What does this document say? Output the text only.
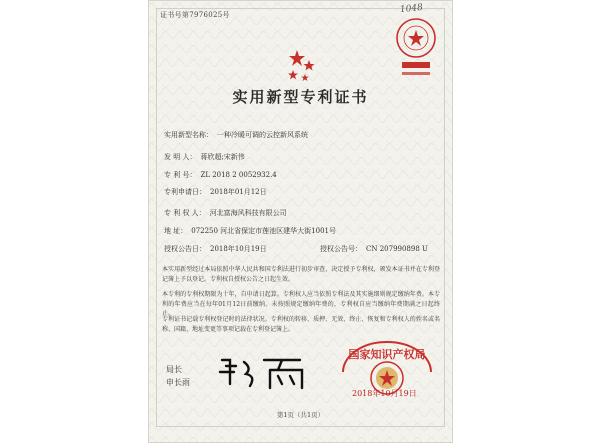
证书号第7976025号	1048
实用新型专利证书
实用新型名称： 一种冷暖可调的云控新风系统
发 明 人： 蒋欣超;宋新伟
专 利 号： ZL 2018 2 0052932.4
专利申请日： 2018年01月12日
专 利 权 人： 河北富海风科技有限公司
地 址： 072250 河北省保定市莲池区建华大街1001号
授权公告日： 2018年10月19日	授权公告号： CN 207990898 U
本实用新型经过本局依照中华人民共和国专利法进行初步审查，决定授予专利权，颁发本证书并在专利登记簿上予以登记。专利权自授权公告之日起生效。
本专利的专利权期限为十年，自申请日起算。专利权人应当依照专利法及其实施细则规定缴纳年费。本专利的年费应当在每年01月12日前缴纳。未按照规定缴纳年费的，专利权自应当缴纳年费期满之日起终止。
专利证书记载专利权登记时的法律状况。专利权的转移、质押、无效、终止、恢复和专利权人的姓名或名称、国籍、地址变更等事项记载在专利登记簿上。
局长
申长雨
国家知识产权局
2018年10月19日
第1页（共1页）
